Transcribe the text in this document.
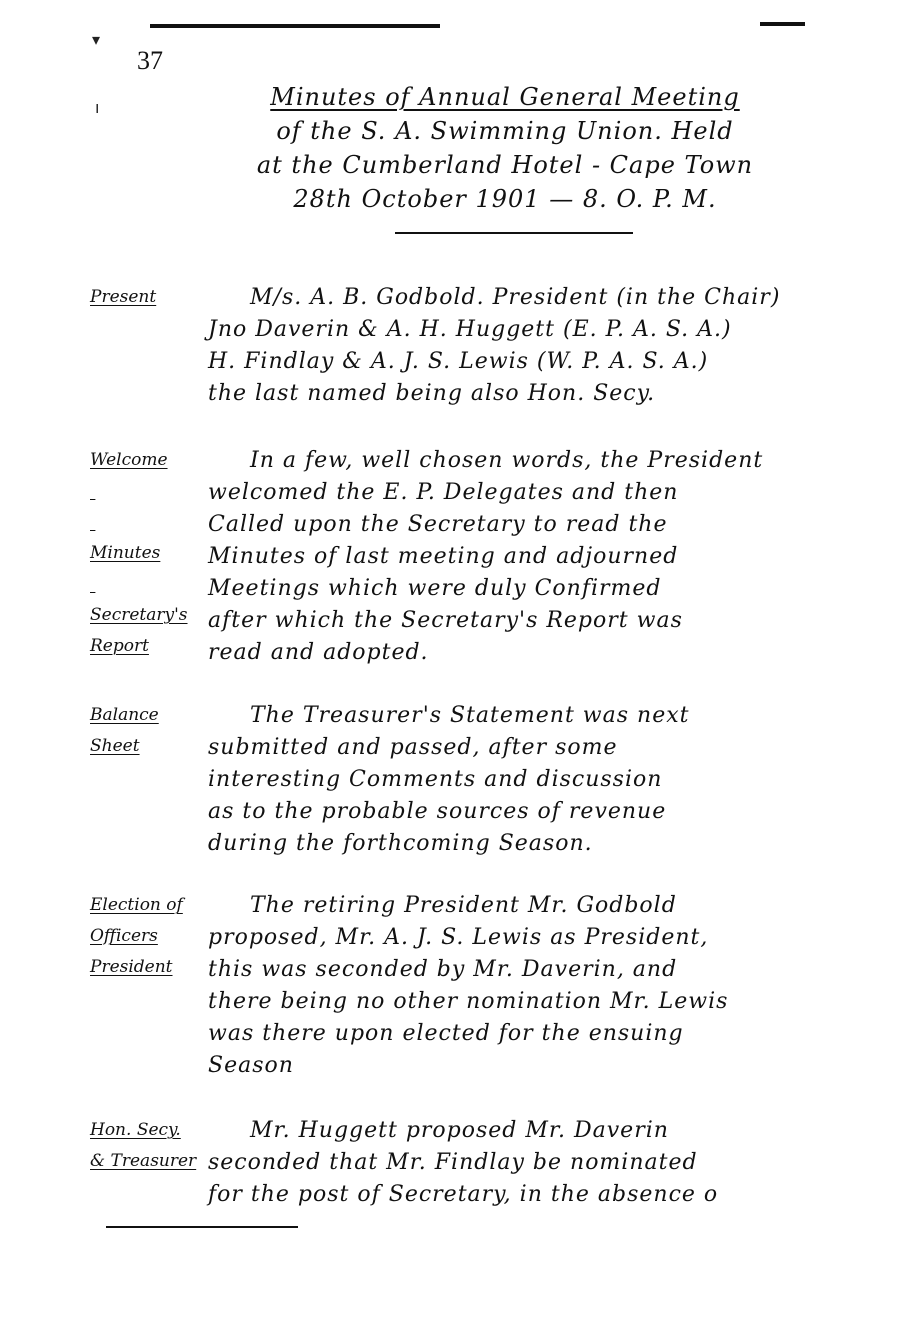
▾
ı
37
Minutes of Annual General Meeting
of the S. A. Swimming Union. Held
at the Cumberland Hotel - Cape Town
28th October 1901 — 8. O. P. M.
Present	M/s. A. B. Godbold. President (in the Chair)
Jno Daverin & A. H. Huggett (E. P. A. S. A.)
H. Findlay & A. J. S. Lewis (W. P. A. S. A.)
the last named being also Hon. Secy.
Welcome

Minutes

Secretary's
Report
In a few, well chosen words, the President
welcomed the E. P. Delegates and then
Called upon the Secretary to read the
Minutes of last meeting and adjourned
Meetings which were duly Confirmed
after which the Secretary's Report was
read and adopted.
Balance
Sheet
The Treasurer's Statement was next
submitted and passed, after some
interesting Comments and discussion
as to the probable sources of revenue
during the forthcoming Season.
Election of
Officers
President
The retiring President Mr. Godbold
proposed, Mr. A. J. S. Lewis as President,
this was seconded by Mr. Daverin, and
there being no other nomination Mr. Lewis
was there upon elected for the ensuing
Season
Hon. Secy.
& Treasurer
Mr. Huggett proposed Mr. Daverin
seconded that Mr. Findlay be nominated
for the post of Secretary, in the absence o
